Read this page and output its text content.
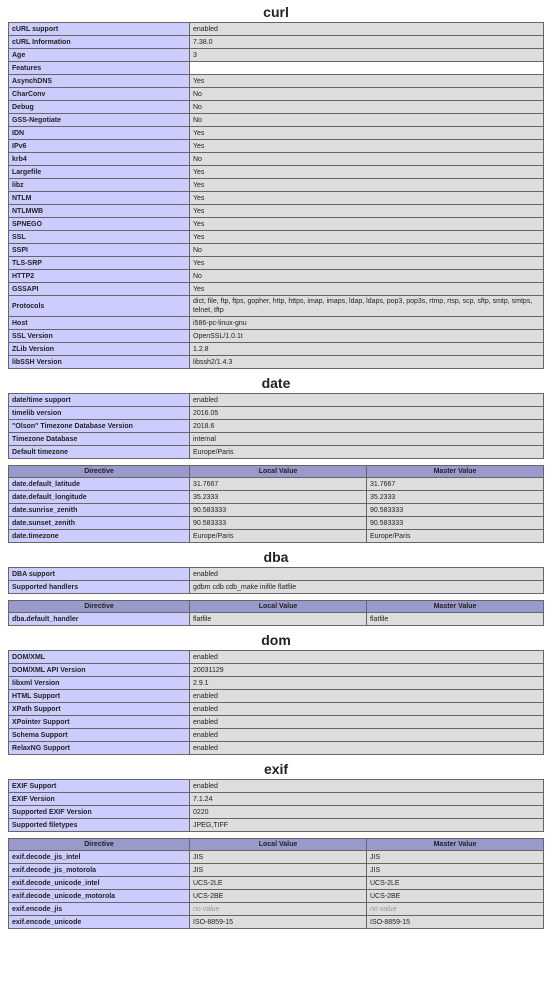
curl
cURL support	enabled
cURL Information	7.38.0
Age	3
Features	
AsynchDNS	Yes
CharConv	No
Debug	No
GSS-Negotiate	No
IDN	Yes
IPv6	Yes
krb4	No
Largefile	Yes
libz	Yes
NTLM	Yes
NTLMWB	Yes
SPNEGO	Yes
SSL	Yes
SSPI	No
TLS-SRP	Yes
HTTP2	No
GSSAPI	Yes
Protocols	dict, file, ftp, ftps, gopher, http, https, imap, imaps, ldap, ldaps, pop3, pop3s, rtmp, rtsp, scp, sftp, smtp, smtps, telnet, tftp
Host	i586-pc-linux-gnu
SSL Version	OpenSSL/1.0.1t
ZLib Version	1.2.8
libSSH Version	libssh2/1.4.3
date
date/time support	enabled
timelib version	2016.05
"Olson" Timezone Database Version	2018.6
Timezone Database	internal
Default timezone	Europe/Paris
Directive	Local Value	Master Value
date.default_latitude	31.7667	31.7667
date.default_longitude	35.2333	35.2333
date.sunrise_zenith	90.583333	90.583333
date.sunset_zenith	90.583333	90.583333
date.timezone	Europe/Paris	Europe/Paris
dba
DBA support	enabled
Supported handlers	gdbm cdb cdb_make inifile flatfile
Directive	Local Value	Master Value
dba.default_handler	flatfile	flatfile
dom
DOM/XML	enabled
DOM/XML API Version	20031129
libxml Version	2.9.1
HTML Support	enabled
XPath Support	enabled
XPointer Support	enabled
Schema Support	enabled
RelaxNG Support	enabled
exif
EXIF Support	enabled
EXIF Version	7.1.24
Supported EXIF Version	0220
Supported filetypes	JPEG,TIFF
Directive	Local Value	Master Value
exif.decode_jis_intel	JIS	JIS
exif.decode_jis_motorola	JIS	JIS
exif.decode_unicode_intel	UCS-2LE	UCS-2LE
exif.decode_unicode_motorola	UCS-2BE	UCS-2BE
exif.encode_jis	no value	no value
exif.encode_unicode	ISO-8859-15	ISO-8859-15
